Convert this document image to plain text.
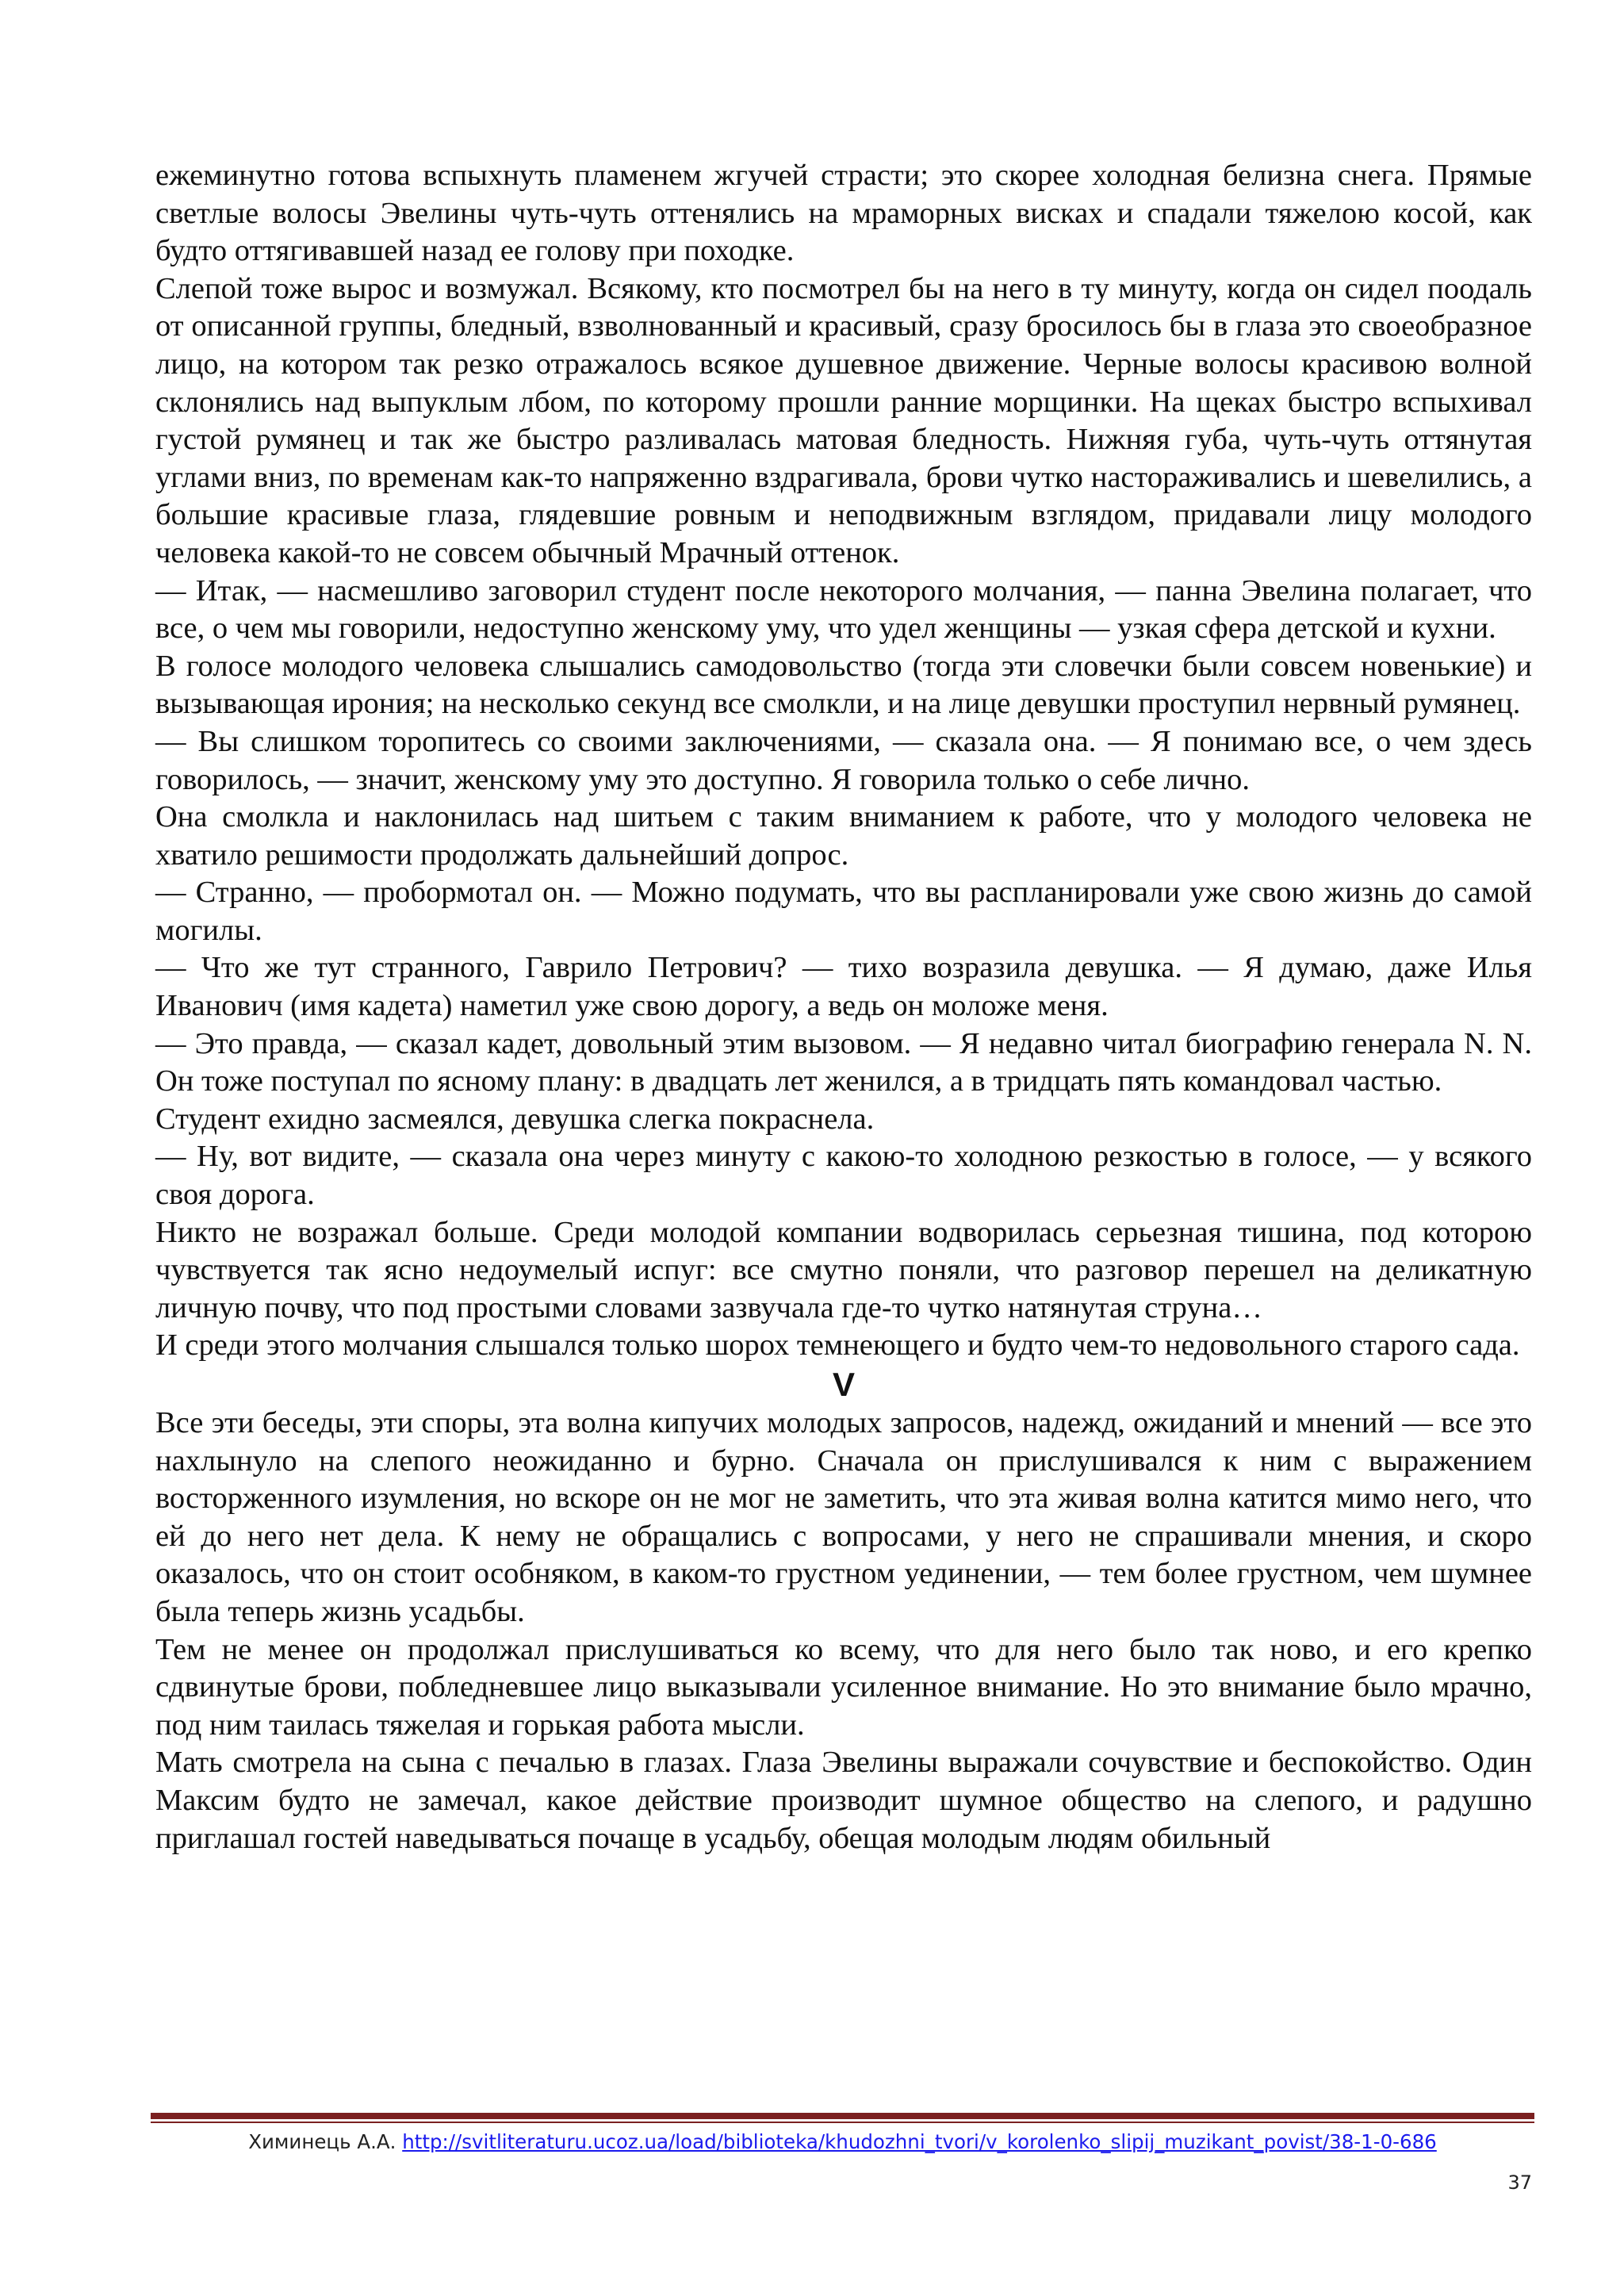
ежеминутно готова вспыхнуть пламенем жгучей страсти; это скорее холодная белизна снега. Прямые светлые волосы Эвелины чуть-чуть оттенялись на мраморных висках и спадали тяжелою косой, как будто оттягивавшей назад ее голову при походке.

Слепой тоже вырос и возмужал. Всякому, кто посмотрел бы на него в ту минуту, когда он сидел поодаль от описанной группы, бледный, взволнованный и красивый, сразу бросилось бы в глаза это своеобразное лицо, на котором так резко отражалось всякое душевное движение. Черные волосы красивою волной склонялись над выпуклым лбом, по которому прошли ранние морщинки. На щеках быстро вспыхивал густой румянец и так же быстро разливалась матовая бледность. Нижняя губа, чуть-чуть оттянутая углами вниз, по временам как-то напряженно вздрагивала, брови чутко настораживались и шевелились, а большие красивые глаза, глядевшие ровным и неподвижным взглядом, придавали лицу молодого человека какой-то не совсем обычный Мрачный оттенок.

— Итак, — насмешливо заговорил студент после некоторого молчания, — панна Эвелина полагает, что все, о чем мы говорили, недоступно женскому уму, что удел женщины — узкая сфера детской и кухни.

В голосе молодого человека слышались самодовольство (тогда эти словечки были совсем новенькие) и вызывающая ирония; на несколько секунд все смолкли, и на лице девушки проступил нервный румянец.

— Вы слишком торопитесь со своими заключениями, — сказала она. — Я понимаю все, о чем здесь говорилось, — значит, женскому уму это доступно. Я говорила только о себе лично.

Она смолкла и наклонилась над шитьем с таким вниманием к работе, что у молодого человека не хватило решимости продолжать дальнейший допрос.

— Странно, — пробормотал он. — Можно подумать, что вы распланировали уже свою жизнь до самой могилы.

— Что же тут странного, Гаврило Петрович? — тихо возразила девушка. — Я думаю, даже Илья Иванович (имя кадета) наметил уже свою дорогу, а ведь он моложе меня.

— Это правда, — сказал кадет, довольный этим вызовом. — Я недавно читал биографию генерала N. N. Он тоже поступал по ясному плану: в двадцать лет женился, а в тридцать пять командовал частью.

Студент ехидно засмеялся, девушка слегка покраснела.

— Ну, вот видите, — сказала она через минуту с какою-то холодною резкостью в голосе, — у всякого своя дорога.

Никто не возражал больше. Среди молодой компании водворилась серьезная тишина, под которою чувствуется так ясно недоумелый испуг: все смутно поняли, что разговор перешел на деликатную личную почву, что под простыми словами зазвучала где-то чутко натянутая струна…

И среди этого молчания слышался только шорох темнеющего и будто чем-то недовольного старого сада.

V

Все эти беседы, эти споры, эта волна кипучих молодых запросов, надежд, ожиданий и мнений — все это нахлынуло на слепого неожиданно и бурно. Сначала он прислушивался к ним с выражением восторженного изумления, но вскоре он не мог не заметить, что эта живая волна катится мимо него, что ей до него нет дела. К нему не обращались с вопросами, у него не спрашивали мнения, и скоро оказалось, что он стоит особняком, в каком-то грустном уединении, — тем более грустном, чем шумнее была теперь жизнь усадьбы.

Тем не менее он продолжал прислушиваться ко всему, что для него было так ново, и его крепко сдвинутые брови, побледневшее лицо выказывали усиленное внимание. Но это внимание было мрачно, под ним таилась тяжелая и горькая работа мысли.

Мать смотрела на сына с печалью в глазах. Глаза Эвелины выражали сочувствие и беспокойство. Один Максим будто не замечал, какое действие производит шумное общество на слепого, и радушно приглашал гостей наведываться почаще в усадьбу, обещая молодым людям обильный

Химинець А.А. http://svitliteraturu.ucoz.ua/load/biblioteka/khudozhni_tvori/v_korolenko_slipij_muzikant_povist/38-1-0-686
37
